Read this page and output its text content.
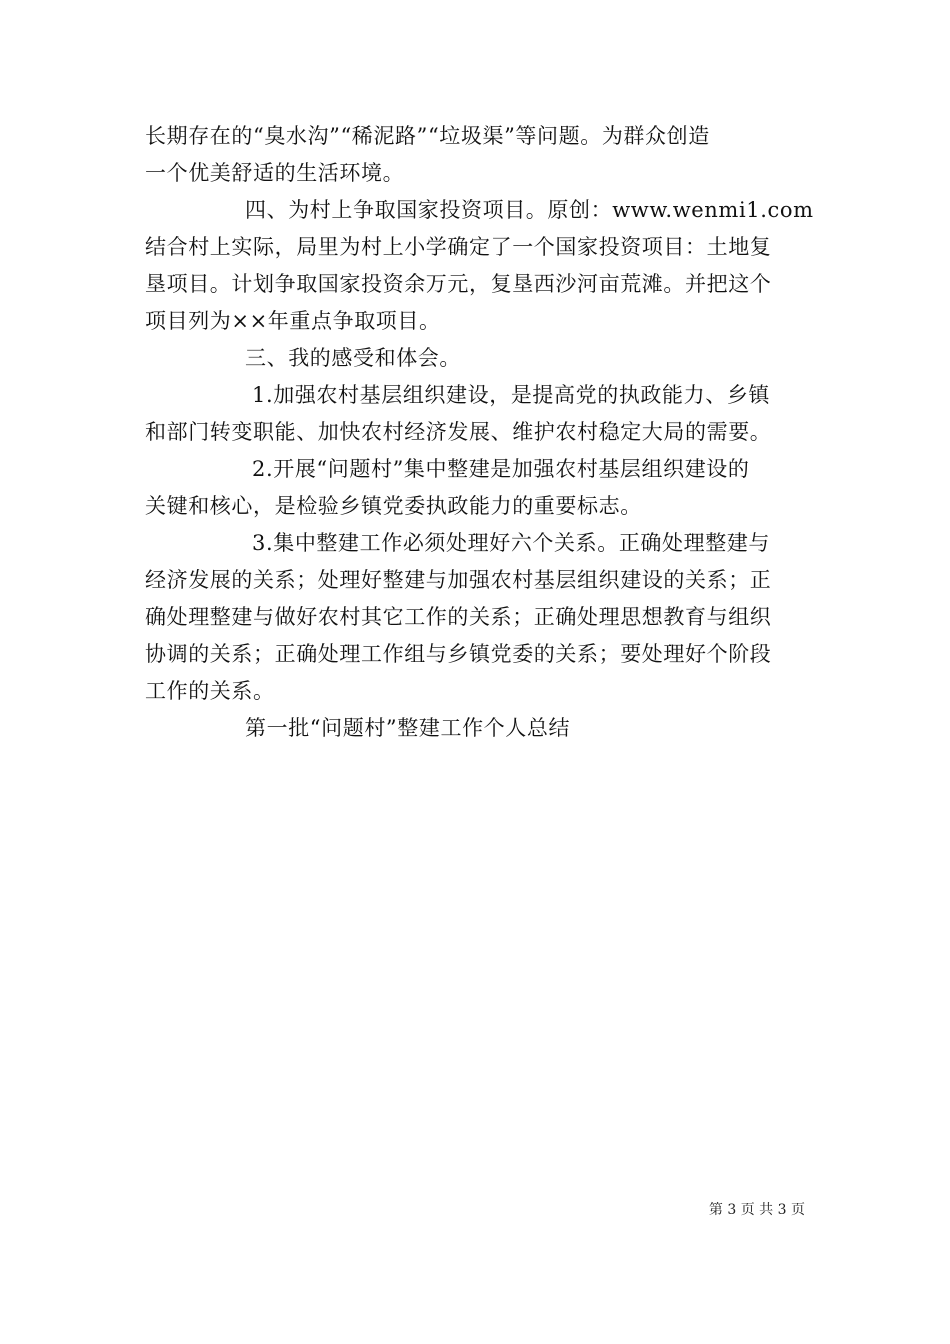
长期存在的“臭水沟”“稀泥路”“垃圾渠”等问题。为群众创造
一个优美舒适的生活环境。
四、为村上争取国家投资项目。原创：www.wenmi1.com
结合村上实际，局里为村上小学确定了一个国家投资项目：土地复
垦项目。计划争取国家投资余万元，复垦西沙河亩荒滩。并把这个
项目列为××年重点争取项目。
三、我的感受和体会。
1.加强农村基层组织建设，是提高党的执政能力、乡镇
和部门转变职能、加快农村经济发展、维护农村稳定大局的需要。
2.开展“问题村”集中整建是加强农村基层组织建设的
关键和核心，是检验乡镇党委执政能力的重要标志。
3.集中整建工作必须处理好六个关系。正确处理整建与
经济发展的关系；处理好整建与加强农村基层组织建设的关系；正
确处理整建与做好农村其它工作的关系；正确处理思想教育与组织
协调的关系；正确处理工作组与乡镇党委的关系；要处理好个阶段
工作的关系。
第一批“问题村”整建工作个人总结
第 3 页 共 3 页
